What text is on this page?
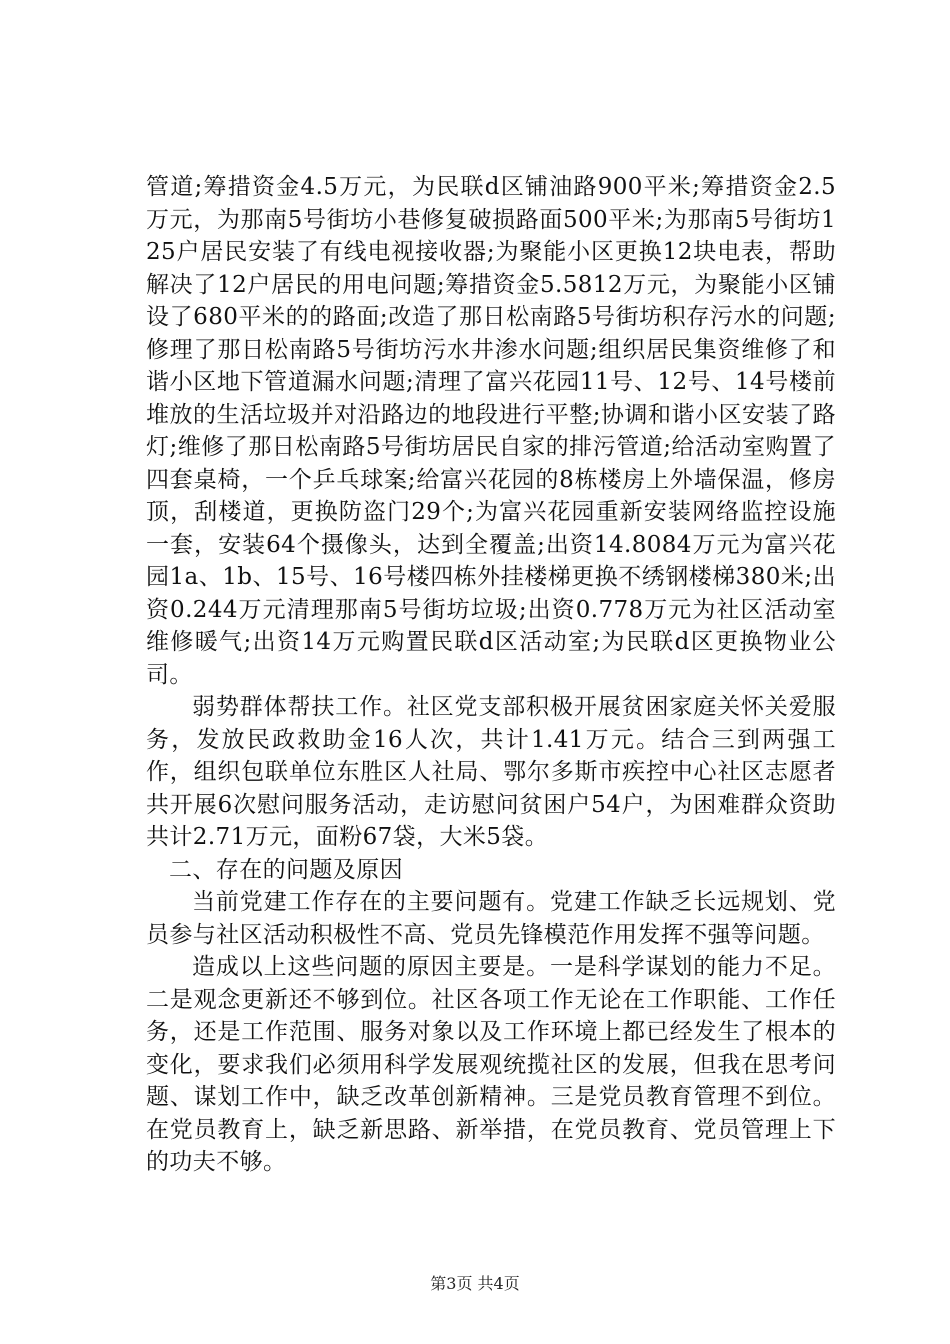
管道;筹措资金4.5万元，为民联d区铺油路900平米;筹措资金2.5万元，为那南5号街坊小巷修复破损路面500平米;为那南5号街坊125户居民安装了有线电视接收器;为聚能小区更换12块电表，帮助解决了12户居民的用电问题;筹措资金5.5812万元，为聚能小区铺设了680平米的的路面;改造了那日松南路5号街坊积存污水的问题;修理了那日松南路5号街坊污水井渗水问题;组织居民集资维修了和谐小区地下管道漏水问题;清理了富兴花园11号、12号、14号楼前堆放的生活垃圾并对沿路边的地段进行平整;协调和谐小区安装了路灯;维修了那日松南路5号街坊居民自家的排污管道;给活动室购置了四套桌椅，一个乒乓球案;给富兴花园的8栋楼房上外墙保温，修房顶，刮楼道，更换防盗门29个;为富兴花园重新安装网络监控设施一套，安装64个摄像头，达到全覆盖;出资14.8084万元为富兴花园1a、1b、15号、16号楼四栋外挂楼梯更换不绣钢楼梯380米;出资0.244万元清理那南5号街坊垃圾;出资0.778万元为社区活动室维修暖气;出资14万元购置民联d区活动室;为民联d区更换物业公司。

弱势群体帮扶工作。社区党支部积极开展贫困家庭关怀关爱服务，发放民政救助金16人次，共计1.41万元。结合三到两强工作，组织包联单位东胜区人社局、鄂尔多斯市疾控中心社区志愿者共开展6次慰问服务活动，走访慰问贫困户54户，为困难群众资助共计2.71万元，面粉67袋，大米5袋。

二、存在的问题及原因

当前党建工作存在的主要问题有。党建工作缺乏长远规划、党员参与社区活动积极性不高、党员先锋模范作用发挥不强等问题。

造成以上这些问题的原因主要是。一是科学谋划的能力不足。二是观念更新还不够到位。社区各项工作无论在工作职能、工作任务，还是工作范围、服务对象以及工作环境上都已经发生了根本的变化，要求我们必须用科学发展观统揽社区的发展，但我在思考问题、谋划工作中，缺乏改革创新精神。三是党员教育管理不到位。在党员教育上，缺乏新思路、新举措，在党员教育、党员管理上下的功夫不够。

第3页 共4页
